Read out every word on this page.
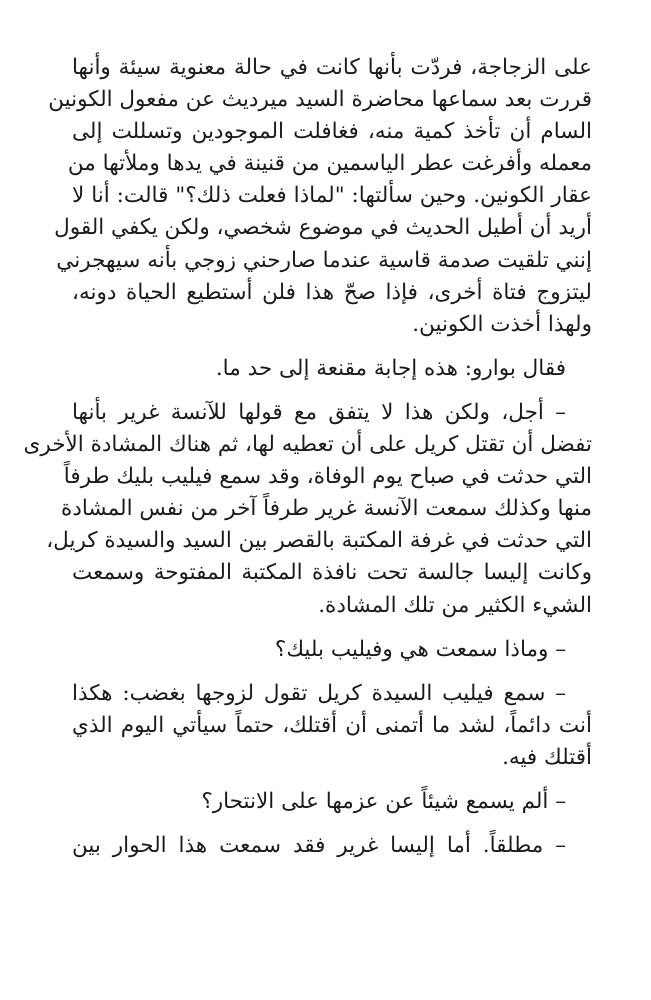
على الزجاجة، فردّت بأنها كانت في حالة معنوية سيئة وأنها
قررت بعد سماعها محاضرة السيد ميرديث عن مفعول الكونين
السام أن تأخذ كمية منه، فغافلت الموجودين وتسللت إلى
معمله وأفرغت عطر الياسمين من قنينة في يدها وملأتها من
عقار الكونين. وحين سألتها: "لماذا فعلت ذلك؟" قالت: أنا لا
أريد أن أطيل الحديث في موضوع شخصي، ولكن يكفي القول
إنني تلقيت صدمة قاسية عندما صارحني زوجي بأنه سيهجرني
ليتزوج فتاة أخرى، فإذا صحّ هذا فلن أستطيع الحياة دونه،
ولهذا أخذت الكونين.
فقال بوارو: هذه إجابة مقنعة إلى حد ما.
– أجل، ولكن هذا لا يتفق مع قولها للآنسة غرير بأنها
تفضل أن تقتل كريل على أن تعطيه لها، ثم هناك المشادة الأخرى
التي حدثت في صباح يوم الوفاة، وقد سمع فيليب بليك طرفاً
منها وكذلك سمعت الآنسة غرير طرفاً آخر من نفس المشادة
التي حدثت في غرفة المكتبة بالقصر بين السيد والسيدة كريل،
وكانت إليسا جالسة تحت نافذة المكتبة المفتوحة وسمعت
الشيء الكثير من تلك المشادة.
– وماذا سمعت هي وفيليب بليك؟
– سمع فيليب السيدة كريل تقول لزوجها بغضب: هكذا
أنت دائماً، لشد ما أتمنى أن أقتلك، حتماً سيأتي اليوم الذي
أقتلك فيه.
– ألم يسمع شيئاً عن عزمها على الانتحار؟
– مطلقاً. أما إليسا غرير فقد سمعت هذا الحوار بين
